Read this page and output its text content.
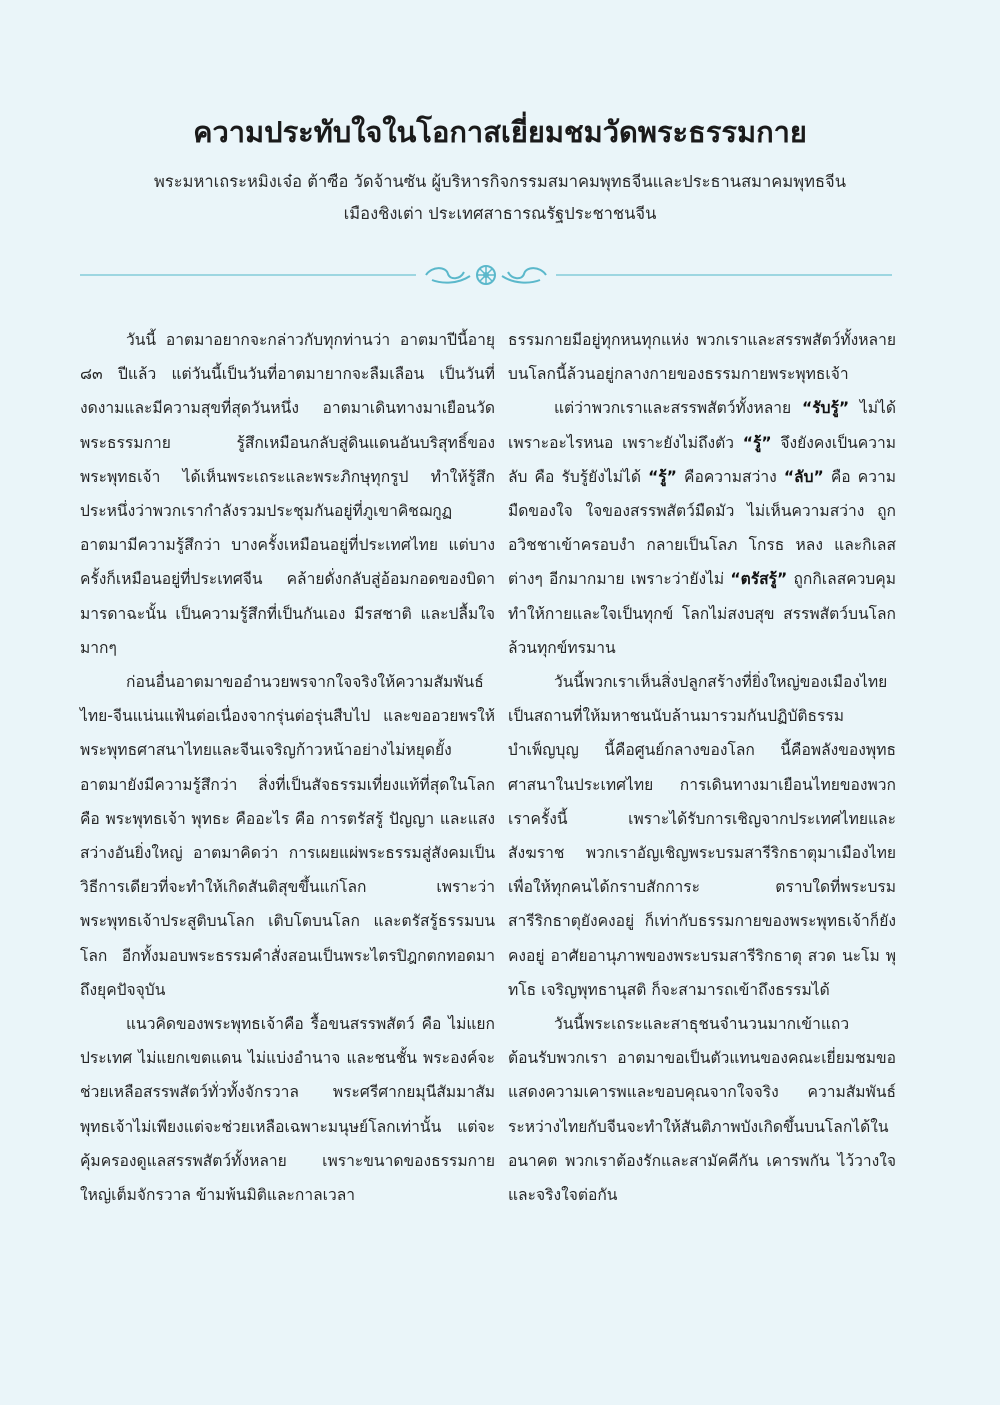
ความประทับใจในโอกาสเยี่ยมชมวัดพระธรรมกาย
พระมหาเถระหมิงเจ๋อ ต้าซือ วัดจ้านซัน ผู้บริหารกิจกรรมสมาคมพุทธจีนและประธานสมาคมพุทธจีน
เมืองชิงเต่า ประเทศสาธารณรัฐประชาชนจีน

วันนี้ อาตมาอยากจะกล่าวกับทุกท่านว่า อาตมาปีนี้อายุ ๘๓ ปีแล้ว แต่วันนี้เป็นวันที่อาตมายากจะลืมเลือน เป็นวันที่งดงามและมีความสุขที่สุดวันหนึ่ง อาตมาเดินทางมาเยือนวัดพระธรรมกาย รู้สึกเหมือนกลับสู่ดินแดนอันบริสุทธิ์ของพระพุทธเจ้า ได้เห็นพระเถระและพระภิกษุทุกรูป ทำให้รู้สึกประหนึ่งว่าพวกเรากำลังรวมประชุมกันอยู่ที่ภูเขาคิชฌกูฏ อาตมามีความรู้สึกว่า บางครั้งเหมือนอยู่ที่ประเทศไทย แต่บางครั้งก็เหมือนอยู่ที่ประเทศจีน คล้ายดั่งกลับสู่อ้อมกอดของบิดามารดาฉะนั้น เป็นความรู้สึกที่เป็นกันเอง มีรสชาติ และปลื้มใจมากๆ

ก่อนอื่นอาตมาขออำนวยพรจากใจจริงให้ความสัมพันธ์ไทย-จีนแน่นแฟ้นต่อเนื่องจากรุ่นต่อรุ่นสืบไป และขออวยพรให้พระพุทธศาสนาไทยและจีนเจริญก้าวหน้าอย่างไม่หยุดยั้ง อาตมายังมีความรู้สึกว่า สิ่งที่เป็นสัจธรรมเที่ยงแท้ที่สุดในโลกคือ พระพุทธเจ้า พุทธะ คืออะไร คือ การตรัสรู้ ปัญญา และแสงสว่างอันยิ่งใหญ่ อาตมาคิดว่า การเผยแผ่พระธรรมสู่สังคมเป็นวิธีการเดียวที่จะทำให้เกิดสันติสุขขึ้นแก่โลก เพราะว่าพระพุทธเจ้าประสูติบนโลก เติบโตบนโลก และตรัสรู้ธรรมบนโลก อีกทั้งมอบพระธรรมคำสั่งสอนเป็นพระไตรปิฎกตกทอดมาถึงยุคปัจจุบัน

แนวคิดของพระพุทธเจ้าคือ รื้อขนสรรพสัตว์ คือ ไม่แยกประเทศ ไม่แยกเขตแดน ไม่แบ่งอำนาจ และชนชั้น พระองค์จะช่วยเหลือสรรพสัตว์ทั่วทั้งจักรวาล พระศรีศากยมุนีสัมมาสัมพุทธเจ้าไม่เพียงแต่จะช่วยเหลือเฉพาะมนุษย์โลกเท่านั้น แต่จะคุ้มครองดูแลสรรพสัตว์ทั้งหลาย เพราะขนาดของธรรมกายใหญ่เต็มจักรวาล ข้ามพ้นมิติและกาลเวลา

ธรรมกายมีอยู่ทุกหนทุกแห่ง พวกเราและสรรพสัตว์ทั้งหลายบนโลกนี้ล้วนอยู่กลางกายของธรรมกายพระพุทธเจ้า

แต่ว่าพวกเราและสรรพสัตว์ทั้งหลาย “รับรู้” ไม่ได้ เพราะอะไรหนอ เพราะยังไม่ถึงตัว “รู้” จึงยังคงเป็นความลับ คือ รับรู้ยังไม่ได้ “รู้” คือความสว่าง “ลับ” คือ ความมืดของใจ ใจของสรรพสัตว์มืดมัว ไม่เห็นความสว่าง ถูกอวิชชาเข้าครอบงำ กลายเป็นโลภ โกรธ หลง และกิเลสต่างๆ อีกมากมาย เพราะว่ายังไม่ “ตรัสรู้” ถูกกิเลสควบคุม ทำให้กายและใจเป็นทุกข์ โลกไม่สงบสุข สรรพสัตว์บนโลกล้วนทุกข์ทรมาน

วันนี้พวกเราเห็นสิ่งปลูกสร้างที่ยิ่งใหญ่ของเมืองไทย เป็นสถานที่ให้มหาชนนับล้านมารวมกันปฏิบัติธรรม บำเพ็ญบุญ นี้คือศูนย์กลางของโลก นี้คือพลังของพุทธศาสนาในประเทศไทย การเดินทางมาเยือนไทยของพวกเราครั้งนี้ เพราะได้รับการเชิญจากประเทศไทยและสังฆราช พวกเราอัญเชิญพระบรมสารีริกธาตุมาเมืองไทยเพื่อให้ทุกคนได้กราบสักการะ ตราบใดที่พระบรมสารีริกธาตุยังคงอยู่ ก็เท่ากับธรรมกายของพระพุทธเจ้าก็ยังคงอยู่ อาศัยอานุภาพของพระบรมสารีริกธาตุ สวด นะโม พุทโธ เจริญพุทธานุสติ ก็จะสามารถเข้าถึงธรรมได้

วันนี้พระเถระและสาธุชนจำนวนมากเข้าแถวต้อนรับพวกเรา อาตมาขอเป็นตัวแทนของคณะเยี่ยมชมขอแสดงความเคารพและขอบคุณจากใจจริง ความสัมพันธ์ระหว่างไทยกับจีนจะทำให้สันติภาพบังเกิดขึ้นบนโลกได้ในอนาคต พวกเราต้องรักและสามัคคีกัน เคารพกัน ไว้วางใจ และจริงใจต่อกัน
